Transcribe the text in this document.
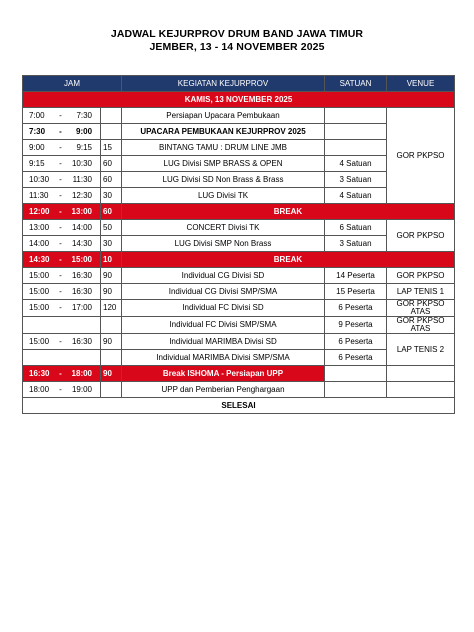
JADWAL KEJURPROV DRUM BAND JAWA TIMUR
JEMBER, 13 - 14 NOVEMBER 2025
JAM		KEGIATAN KEJURPROV	SATUAN	VENUE
KAMIS, 13 NOVEMBER 2025				

7:00 - 7:30		Persiapan Upacara Pembukaan		GOR PKPSO

7:30 - 9:00		UPACARA PEMBUKAAN KEJURPROV 2025		

9:00 - 9:15	15	BINTANG TAMU : DRUM LINE JMB		

9:15 - 10:30	60	LUG Divisi SMP BRASS & OPEN	4 Satuan	

10:30 - 11:30	60	LUG Divisi SD Non Brass & Brass	3 Satuan	

11:30 - 12:30	30	LUG Divisi TK	4 Satuan	

12:00 - 13:00	60	BREAK		

13:00 - 14:00	50	CONCERT Divisi TK	6 Satuan	GOR PKPSO

14:00 - 14:30	30	LUG Divisi SMP Non Brass	3 Satuan	

14:30 - 15:00	10	BREAK		

15:00 - 16:30	90	Individual CG Divisi SD	14 Peserta	GOR PKPSO

15:00 - 16:30	90	Individual CG Divisi SMP/SMA	15 Peserta	LAP TENIS 1

15:00 - 17:00	120	Individual FC Divisi SD	6 Peserta	GOR PKPSO ATAS

		Individual FC Divisi SMP/SMA	9 Peserta	GOR PKPSO ATAS

15:00 - 16:30	90	Individual MARIMBA Divisi SD	6 Peserta	LAP TENIS 2

		Individual MARIMBA Divisi SMP/SMA	6 Peserta	

16:30 - 18:00	90	Break ISHOMA - Persiapan UPP		

18:00 - 19:00		UPP dan Pemberian Penghargaan		
SELESAI				
